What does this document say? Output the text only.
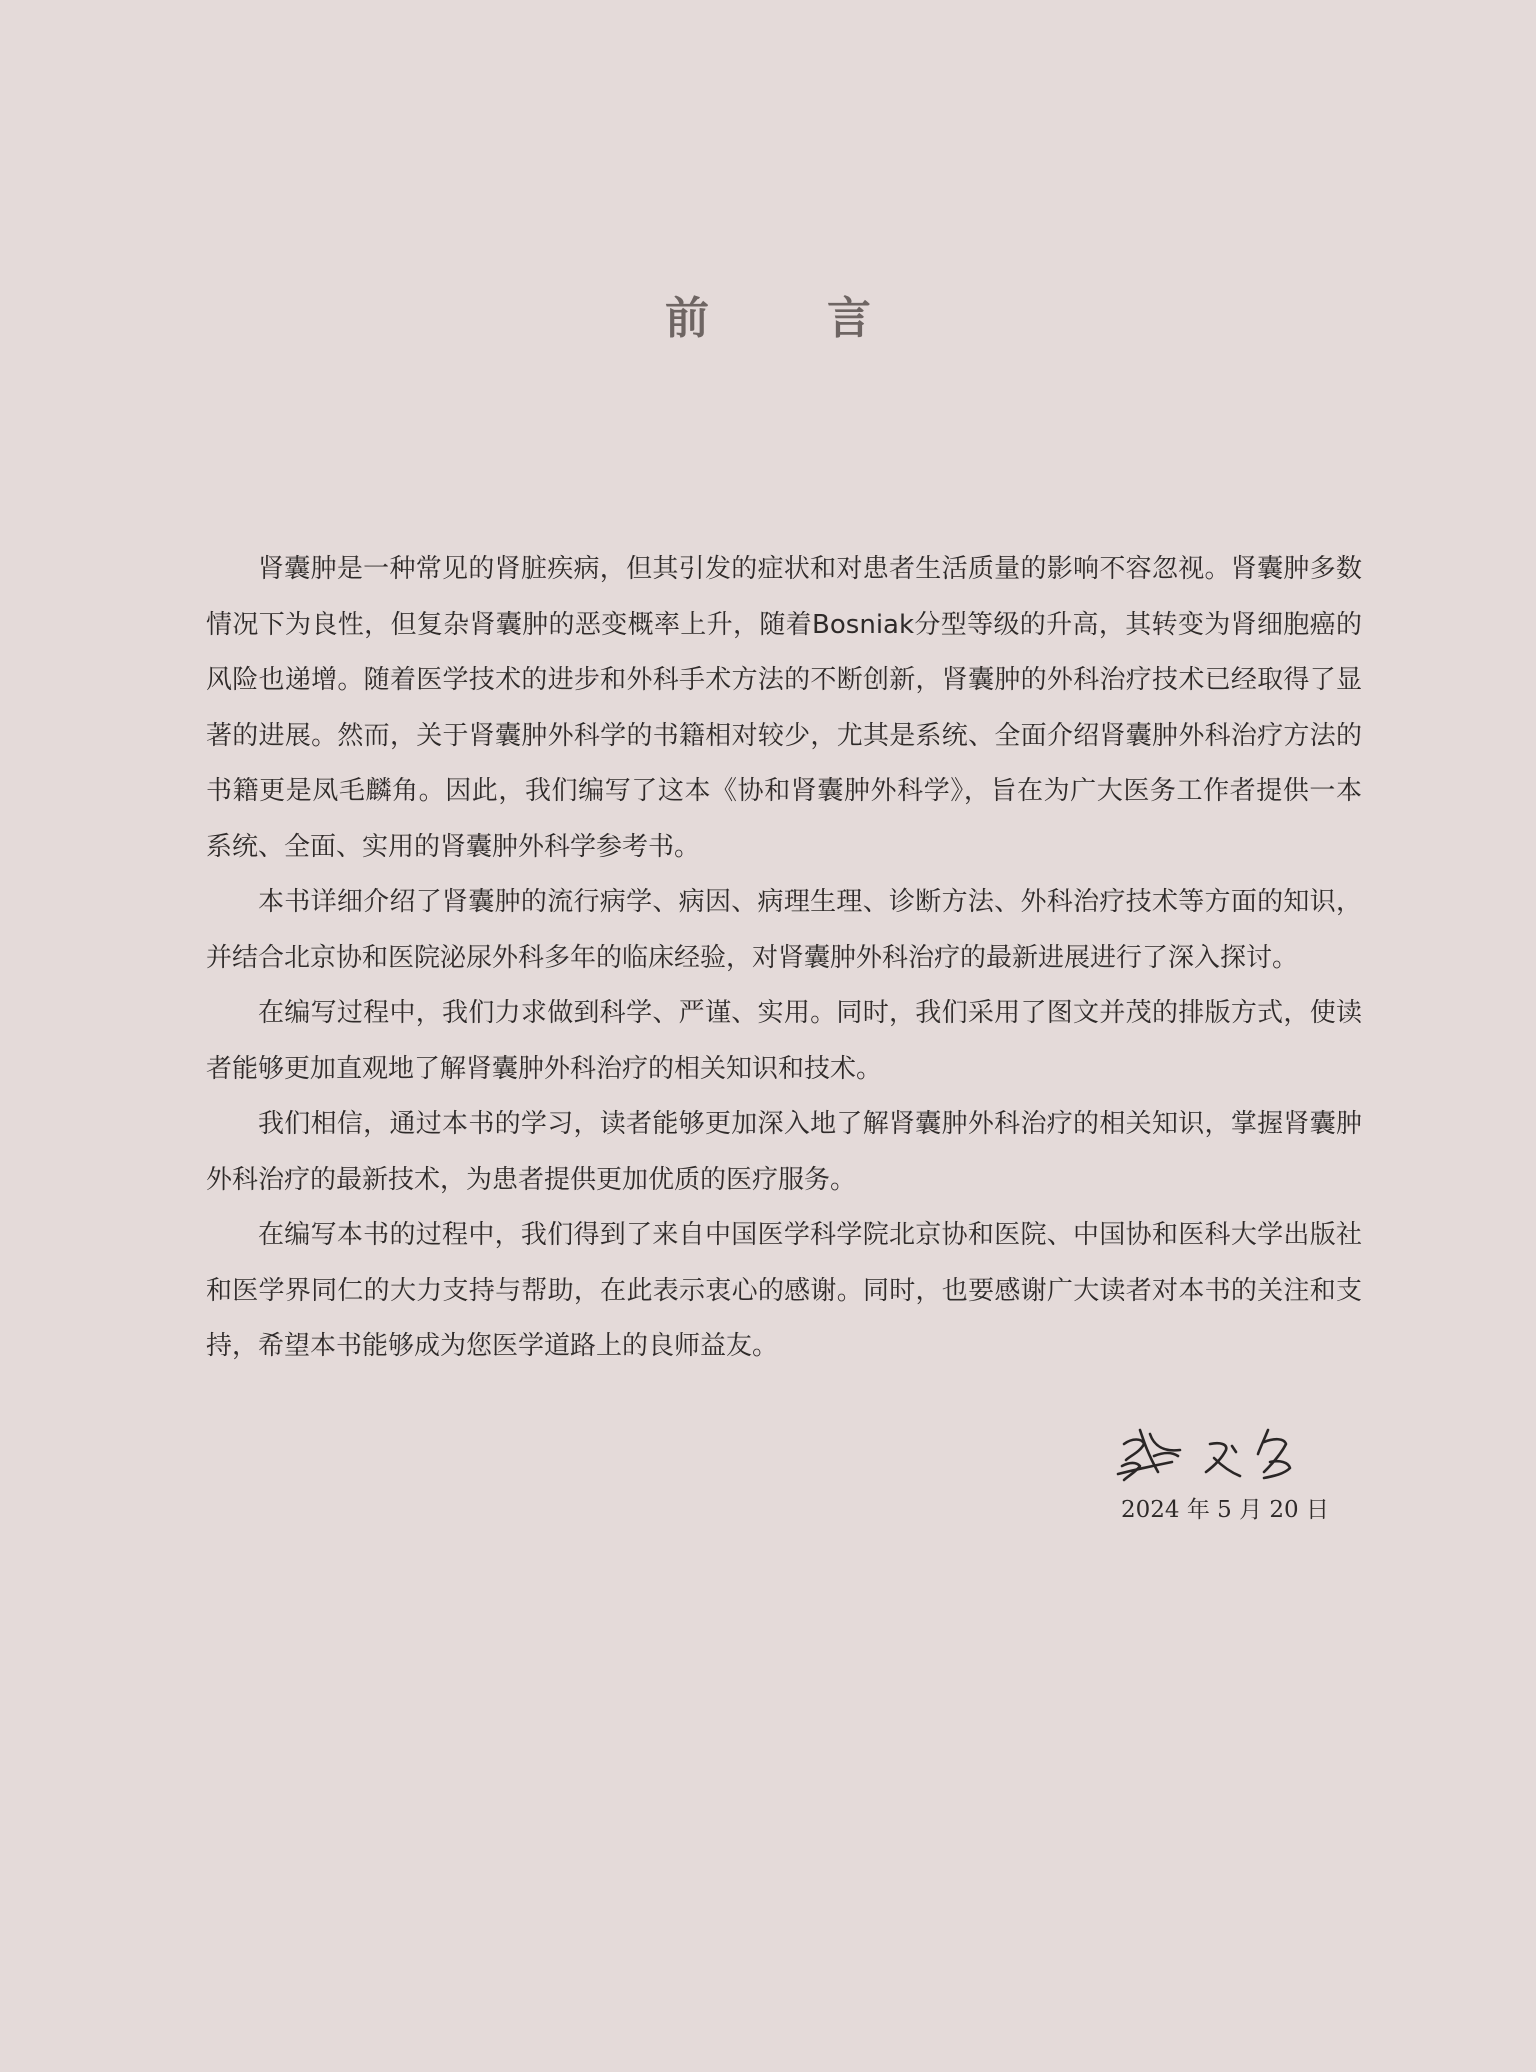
前	言

肾囊肿是一种常见的肾脏疾病，但其引发的症状和对患者生活质量的影响不容忽视。肾囊肿多数情况下为良性，但复杂肾囊肿的恶变概率上升，随着Bosniak分型等级的升高，其转变为肾细胞癌的风险也递增。随着医学技术的进步和外科手术方法的不断创新，肾囊肿的外科治疗技术已经取得了显著的进展。然而，关于肾囊肿外科学的书籍相对较少，尤其是系统、全面介绍肾囊肿外科治疗方法的书籍更是凤毛麟角。因此，我们编写了这本《协和肾囊肿外科学》，旨在为广大医务工作者提供一本系统、全面、实用的肾囊肿外科学参考书。

本书详细介绍了肾囊肿的流行病学、病因、病理生理、诊断方法、外科治疗技术等方面的知识，并结合北京协和医院泌尿外科多年的临床经验，对肾囊肿外科治疗的最新进展进行了深入探讨。

在编写过程中，我们力求做到科学、严谨、实用。同时，我们采用了图文并茂的排版方式，使读者能够更加直观地了解肾囊肿外科治疗的相关知识和技术。

我们相信，通过本书的学习，读者能够更加深入地了解肾囊肿外科治疗的相关知识，掌握肾囊肿外科治疗的最新技术，为患者提供更加优质的医疗服务。

在编写本书的过程中，我们得到了来自中国医学科学院北京协和医院、中国协和医科大学出版社和医学界同仁的大力支持与帮助，在此表示衷心的感谢。同时，也要感谢广大读者对本书的关注和支持，希望本书能够成为您医学道路上的良师益友。

2024 年 5 月 20 日
